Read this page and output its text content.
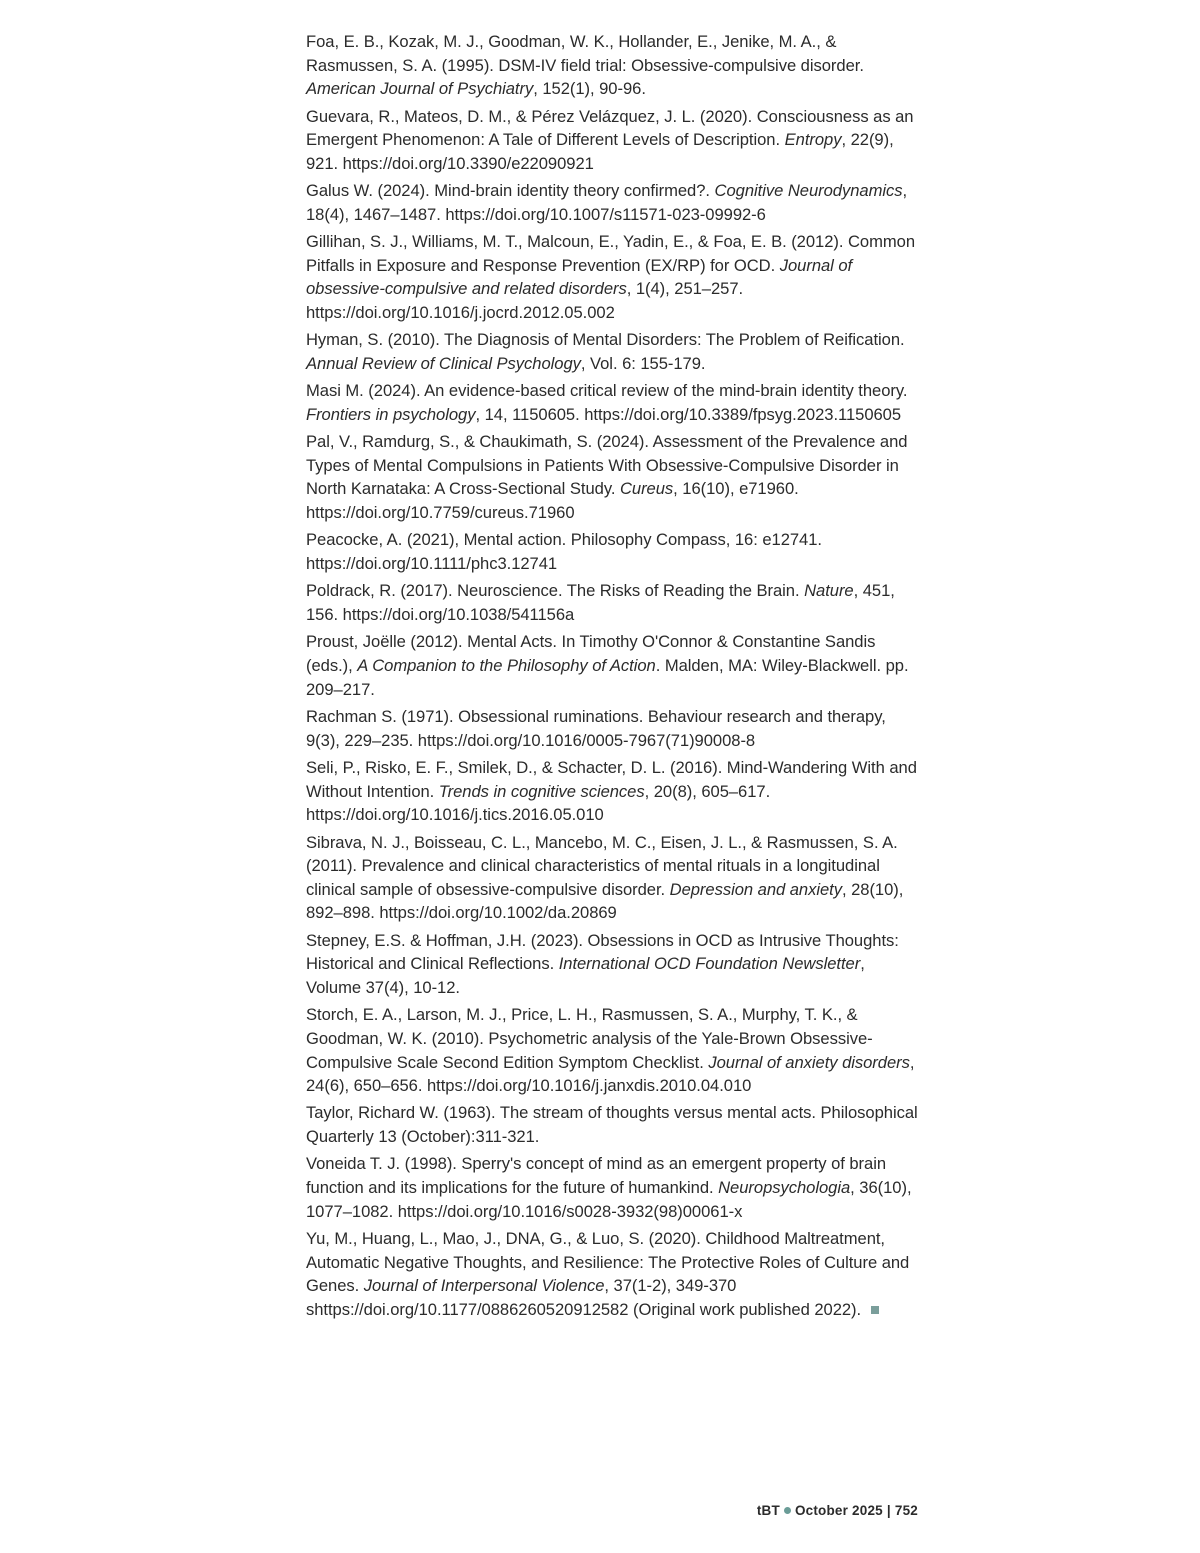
Foa, E. B., Kozak, M. J., Goodman, W. K., Hollander, E., Jenike, M. A., & Rasmussen, S. A. (1995). DSM-IV field trial: Obsessive-compulsive disorder. American Journal of Psychiatry, 152(1), 90-96.

Guevara, R., Mateos, D. M., & Pérez Velázquez, J. L. (2020). Consciousness as an Emergent Phenomenon: A Tale of Different Levels of Description. Entropy, 22(9), 921. https://doi.org/10.3390/e22090921

Galus W. (2024). Mind-brain identity theory confirmed?. Cognitive Neurodynamics, 18(4), 1467–1487. https://doi.org/10.1007/s11571-023-09992-6

Gillihan, S. J., Williams, M. T., Malcoun, E., Yadin, E., & Foa, E. B. (2012). Common Pitfalls in Exposure and Response Prevention (EX/RP) for OCD. Journal of obsessive-compulsive and related disorders, 1(4), 251–257. https://doi.org/10.1016/j.jocrd.2012.05.002

Hyman, S. (2010). The Diagnosis of Mental Disorders: The Problem of Reification. Annual Review of Clinical Psychology, Vol. 6: 155-179.

Masi M. (2024). An evidence-based critical review of the mind-brain identity theory. Frontiers in psychology, 14, 1150605. https://doi.org/10.3389/fpsyg.2023.1150605

Pal, V., Ramdurg, S., & Chaukimath, S. (2024). Assessment of the Prevalence and Types of Mental Compulsions in Patients With Obsessive-Compulsive Disorder in North Karnataka: A Cross-Sectional Study. Cureus, 16(10), e71960. https://doi.org/10.7759/cureus.71960

Peacocke, A. (2021), Mental action. Philosophy Compass, 16: e12741. https://doi.org/10.1111/phc3.12741

Poldrack, R. (2017). Neuroscience. The Risks of Reading the Brain. Nature, 451, 156. https://doi.org/10.1038/541156a

Proust, Joëlle (2012). Mental Acts. In Timothy O'Connor & Constantine Sandis (eds.), A Companion to the Philosophy of Action. Malden, MA: Wiley-Blackwell. pp. 209–217.

Rachman S. (1971). Obsessional ruminations. Behaviour research and therapy, 9(3), 229–235. https://doi.org/10.1016/0005-7967(71)90008-8

Seli, P., Risko, E. F., Smilek, D., & Schacter, D. L. (2016). Mind-Wandering With and Without Intention. Trends in cognitive sciences, 20(8), 605–617. https://doi.org/10.1016/j.tics.2016.05.010

Sibrava, N. J., Boisseau, C. L., Mancebo, M. C., Eisen, J. L., & Rasmussen, S. A. (2011). Prevalence and clinical characteristics of mental rituals in a longitudinal clinical sample of obsessive-compulsive disorder. Depression and anxiety, 28(10), 892–898. https://doi.org/10.1002/da.20869

Stepney, E.S. & Hoffman, J.H. (2023). Obsessions in OCD as Intrusive Thoughts: Historical and Clinical Reflections. International OCD Foundation Newsletter, Volume 37(4), 10-12.

Storch, E. A., Larson, M. J., Price, L. H., Rasmussen, S. A., Murphy, T. K., & Goodman, W. K. (2010). Psychometric analysis of the Yale-Brown Obsessive-Compulsive Scale Second Edition Symptom Checklist. Journal of anxiety disorders, 24(6), 650–656. https://doi.org/10.1016/j.janxdis.2010.04.010

Taylor, Richard W. (1963). The stream of thoughts versus mental acts. Philosophical Quarterly 13 (October):311-321.

Voneida T. J. (1998). Sperry's concept of mind as an emergent property of brain function and its implications for the future of humankind. Neuropsychologia, 36(10), 1077–1082. https://doi.org/10.1016/s0028-3932(98)00061-x

Yu, M., Huang, L., Mao, J., DNA, G., & Luo, S. (2020). Childhood Maltreatment, Automatic Negative Thoughts, and Resilience: The Protective Roles of Culture and Genes. Journal of Interpersonal Violence, 37(1-2), 349-370 shttps://doi.org/10.1177/0886260520912582 (Original work published 2022).

tBT October 2025 | 752
